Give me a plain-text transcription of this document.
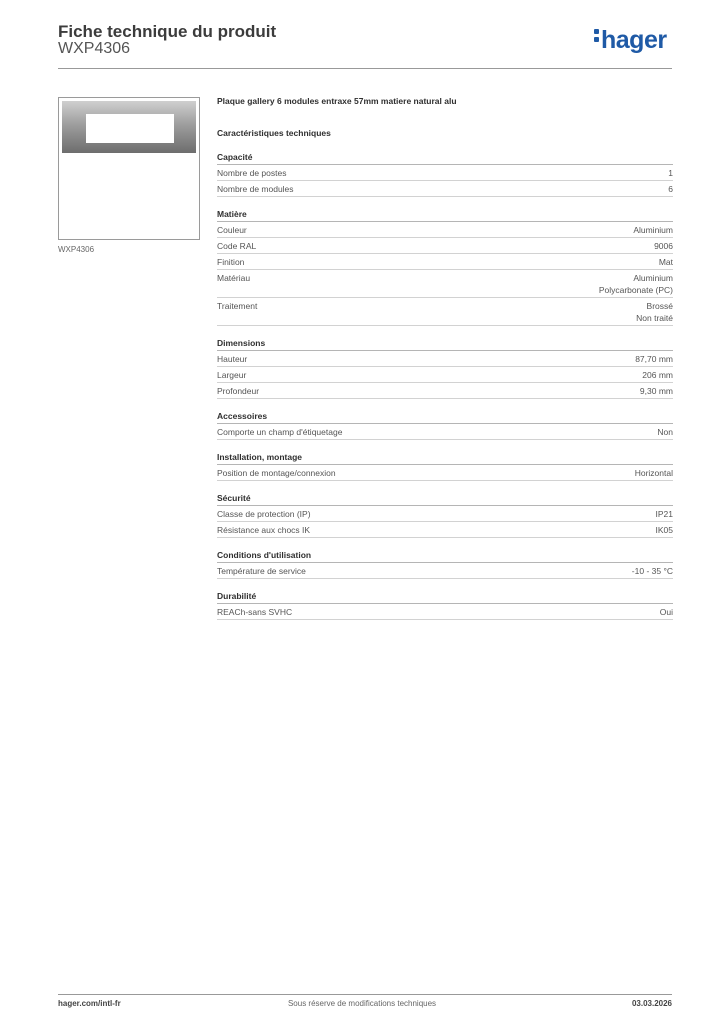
Fiche technique du produit
WXP4306	hager
WXP4306
Plaque gallery 6 modules entraxe 57mm matiere natural alu
Caractéristiques techniques
Capacité
Nombre de postes	1
Nombre de modules	6
Matière
Couleur	Aluminium
Code RAL	9006
Finition	Mat
Matériau	Aluminium
Polycarbonate (PC)
Traitement	Brossé
Non traité
Dimensions
Hauteur	87,70 mm
Largeur	206 mm
Profondeur	9,30 mm
Accessoires
Comporte un champ d'étiquetage	Non
Installation, montage
Position de montage/connexion	Horizontal
Sécurité
Classe de protection (IP)	IP21
Résistance aux chocs IK	IK05
Conditions d'utilisation
Température de service	-10 - 35 °C
Durabilité
REACh-sans SVHC	Oui
hager.com/intl-fr	Sous réserve de modifications techniques	03.03.2026
